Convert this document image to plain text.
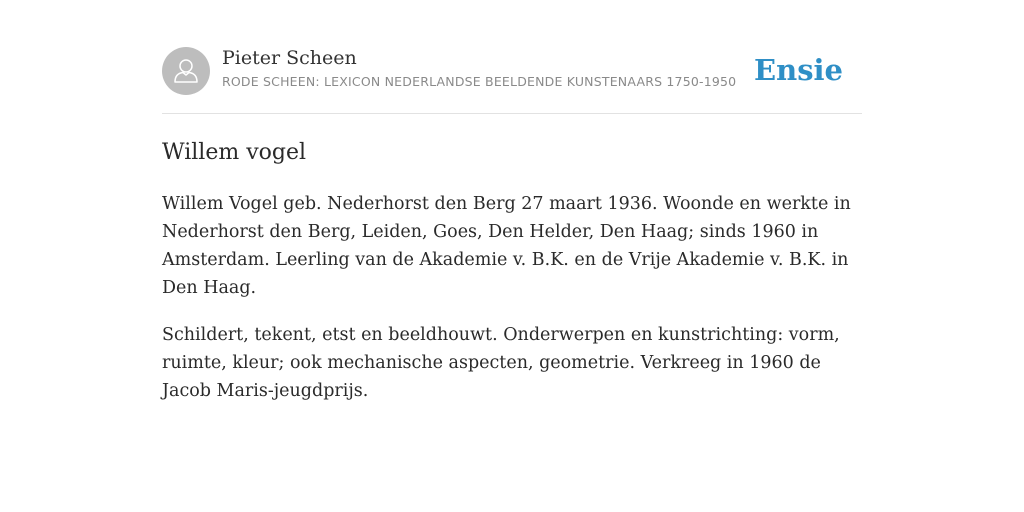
Pieter Scheen
RODE SCHEEN: LEXICON NEDERLANDSE BEELDENDE KUNSTENAARS 1750-1950 Ensie
Willem vogel

Willem Vogel geb. Nederhorst den Berg 27 maart 1936. Woonde en werkte in Nederhorst den Berg, Leiden, Goes, Den Helder, Den Haag; sinds 1960 in Amsterdam. Leerling van de Akademie v. B.K. en de Vrije Akademie v. B.K. in Den Haag.

Schildert, tekent, etst en beeldhouwt. Onderwerpen en kunstrichting: vorm, ruimte, kleur; ook mechanische aspecten, geometrie. Verkreeg in 1960 de Jacob Maris-jeugdprijs.
